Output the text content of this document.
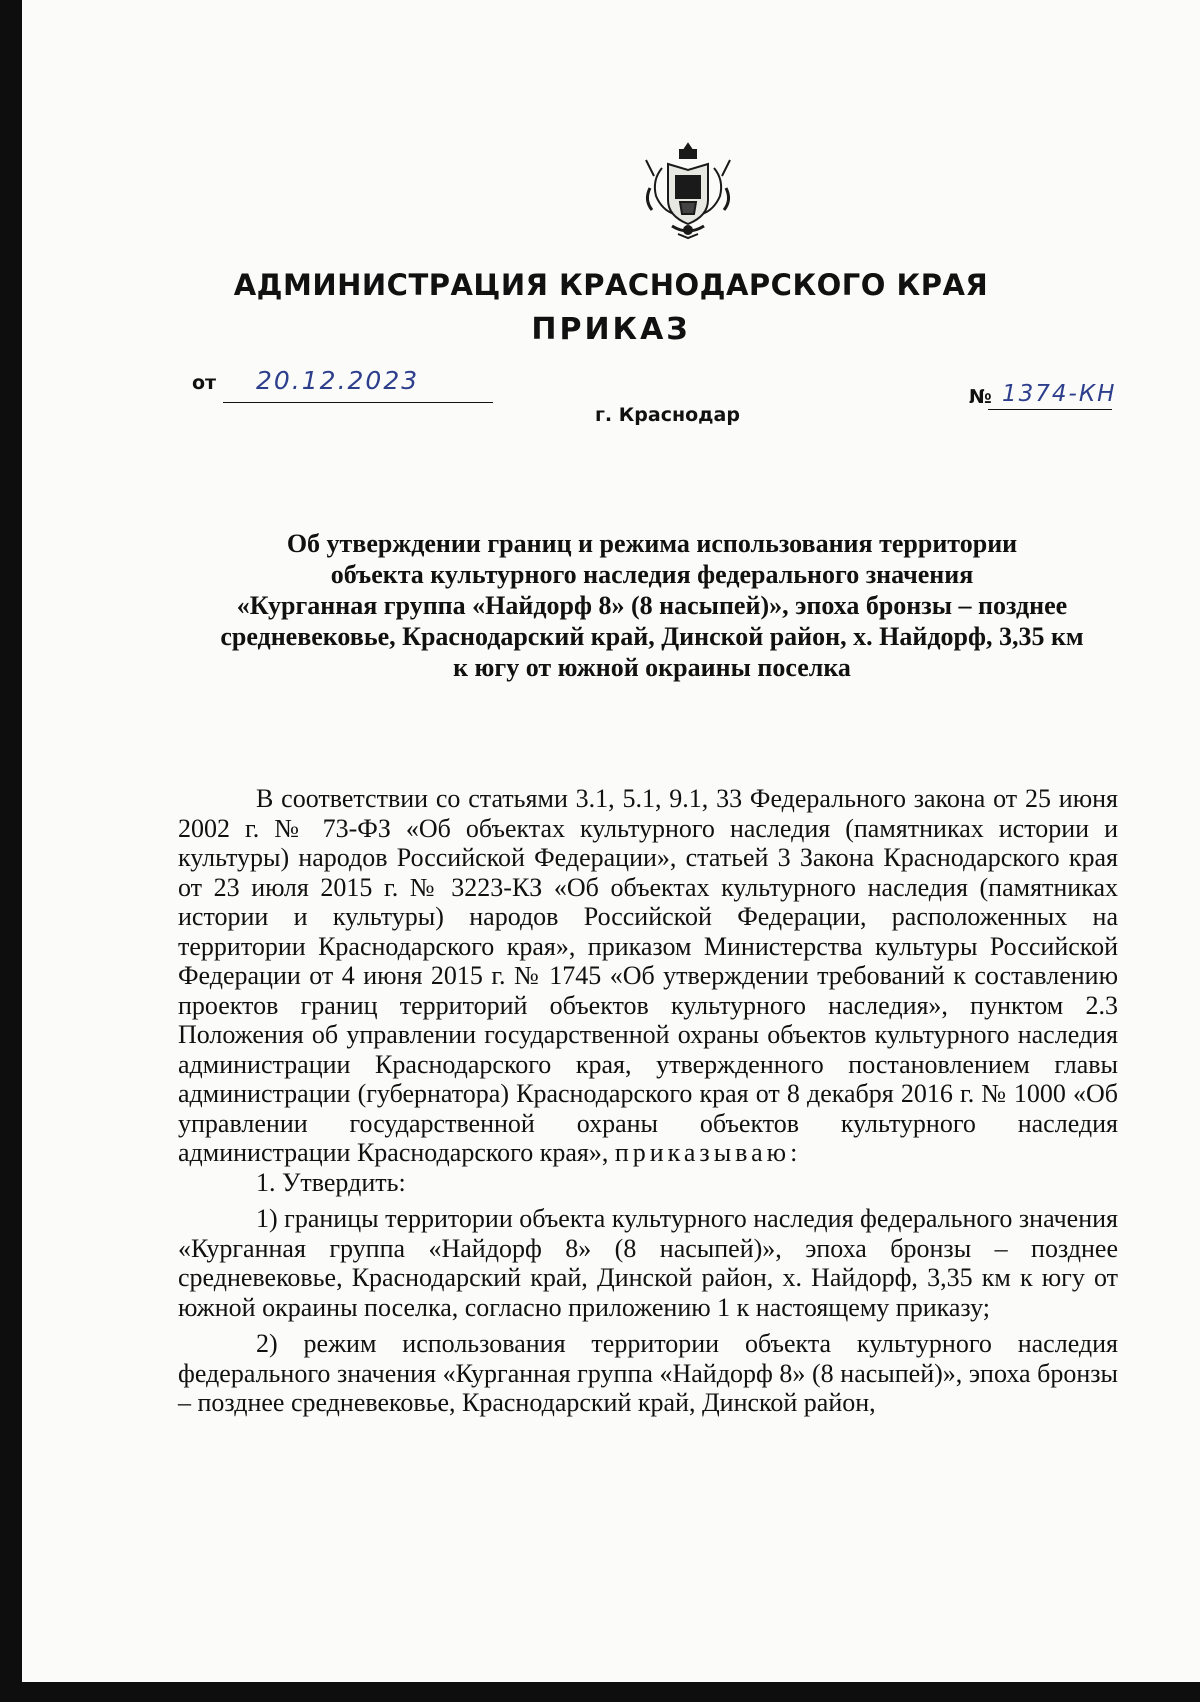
АДМИНИСТРАЦИЯ КРАСНОДАРСКОГО КРАЯ
ПРИКАЗ
от 20.12.2023
г. Краснодар
№ 1374-КН
Об утверждении границ и режима использования территории
объекта культурного наследия федерального значения
«Курганная группа «Найдорф 8» (8 насыпей)», эпоха бронзы – позднее
средневековье, Краснодарский край, Динской район, х. Найдорф, 3,35 км
к югу от южной окраины поселка

В соответствии со статьями 3.1, 5.1, 9.1, 33 Федерального закона от 25 июня 2002 г. № 73-ФЗ «Об объектах культурного наследия (памятниках истории и культуры) народов Российской Федерации», статьей 3 Закона Краснодарского края от 23 июля 2015 г. № 3223-КЗ «Об объектах культурного наследия (памятниках истории и культуры) народов Российской Федерации, расположенных на территории Краснодарского края», приказом Министерства культуры Российской Федерации от 4 июня 2015 г. № 1745 «Об утверждении требований к составлению проектов границ территорий объектов культурного наследия», пунктом 2.3 Положения об управлении государственной охраны объектов культурного наследия администрации Краснодарского края, утвержденного постановлением главы администрации (губернатора) Краснодарского края от 8 декабря 2016 г. № 1000 «Об управлении государственной охраны объектов культурного наследия администрации Краснодарского края», приказываю:

1. Утвердить:

1) границы территории объекта культурного наследия федерального значения «Курганная группа «Найдорф 8» (8 насыпей)», эпоха бронзы – позднее средневековье, Краснодарский край, Динской район, х. Найдорф, 3,35 км к югу от южной окраины поселка, согласно приложению 1 к настоящему приказу;

2) режим использования территории объекта культурного наследия федерального значения «Курганная группа «Найдорф 8» (8 насыпей)», эпоха бронзы – позднее средневековье, Краснодарский край, Динской район,
